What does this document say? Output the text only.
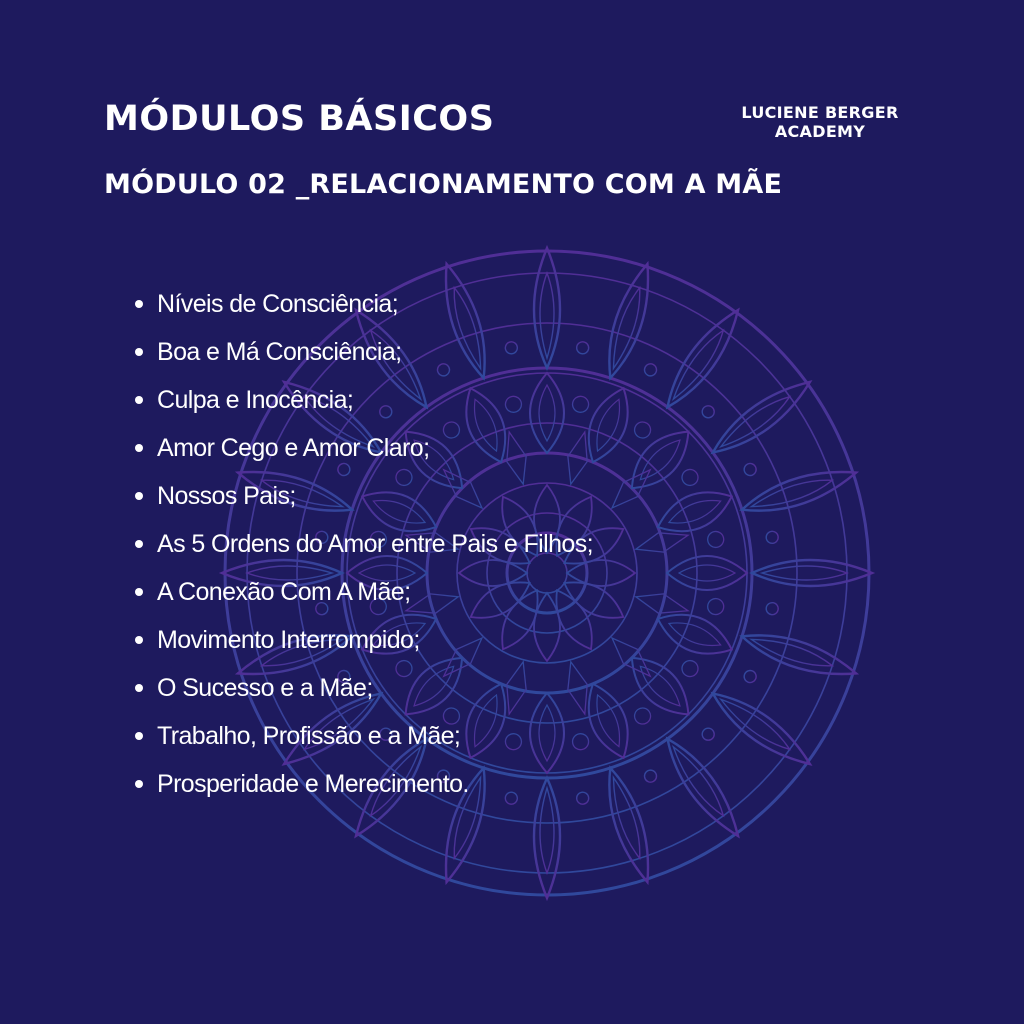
MÓDULOS BÁSICOS
MÓDULO 02 _RELACIONAMENTO COM A MÃE
LUCIENE BERGER
ACADEMY
Níveis de Consciência;
Boa e Má Consciência;
Culpa e Inocência;
Amor Cego e Amor Claro;
Nossos Pais;
As 5 Ordens do Amor entre Pais e Filhos;
A Conexão Com A Mãe;
Movimento Interrompido;
O Sucesso e a Mãe;
Trabalho, Profissão e a Mãe;
Prosperidade e Merecimento.
